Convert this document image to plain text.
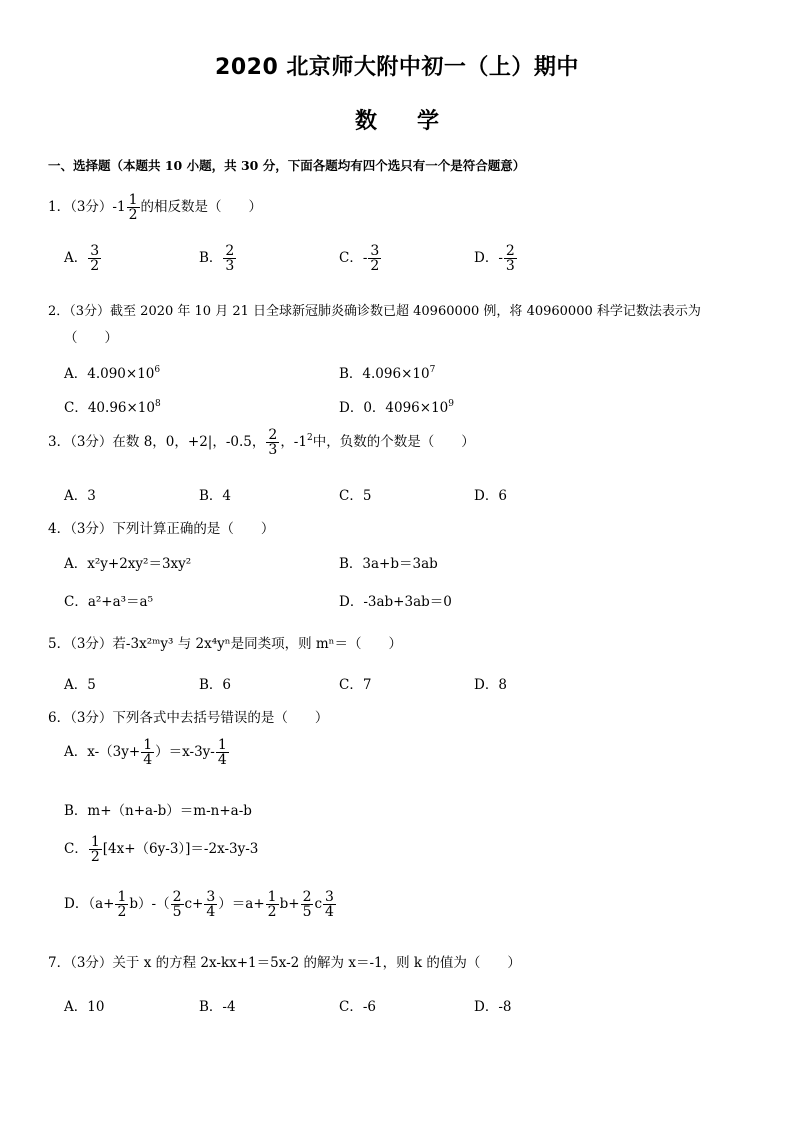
2020 北京师大附中初一（上）期中
数学
一、选择题（本题共 10 小题，共 30 分，下面各题均有四个选只有一个是符合题意）
1．（3分）$-1 \frac{1}{2}$ 的相反数是（　　）
A． $\frac{3}{2}$	B． $\frac{2}{3}$	C．- $\frac{3}{2}$	D．- $\frac{2}{3}$
2．（3分）截至 2020 年 10 月 21 日全球新冠肺炎确诊数已超 40960000 例，将 40960000 科学记数法表示为
（　　）
A．$4.090\times 10^6$	B．$4.096\times 10^7$
C．$40.96\times 10^8$	D．0．$4096\times 10^9$
3．（3分）在数 8，0，+2|，-0.5， $\frac{2}{3}$ ，$-1^2$中，负数的个数是（　　）
A．3	B．4	C．5	D．6
4．（3分）下列计算正确的是（　　）
A．x²y+2xy²＝3xy²	B．3a+b＝3ab
C．a²+a³＝a⁵	D．-3ab+3ab＝0
5．（3分）若-3x²ᵐy³ 与 2x⁴yⁿ是同类项，则 mⁿ＝（　　）
A．5	B．6	C．7	D．8
6．（3分）下列各式中去括号错误的是（　　）
A．$x-(3y+ \frac{1}{4} )=x-3y- \frac{1}{4}$
B．m+（n+a-b）＝m-n+a-b
C． $\frac{1}{2} [4x+(6y-3)]=-2x-3y-3$
D．$(a+ \frac{1}{2} b)-( \frac{2}{5} c+ \frac{3}{4} )=a+ \frac{1}{2} b+ \frac{2}{5}$ c $\frac{3}{4}$
7．（3分）关于 x 的方程 2x-kx+1＝5x-2 的解为 x＝-1，则 k 的值为（　　）
A．10	B．-4	C．-6	D．-8
